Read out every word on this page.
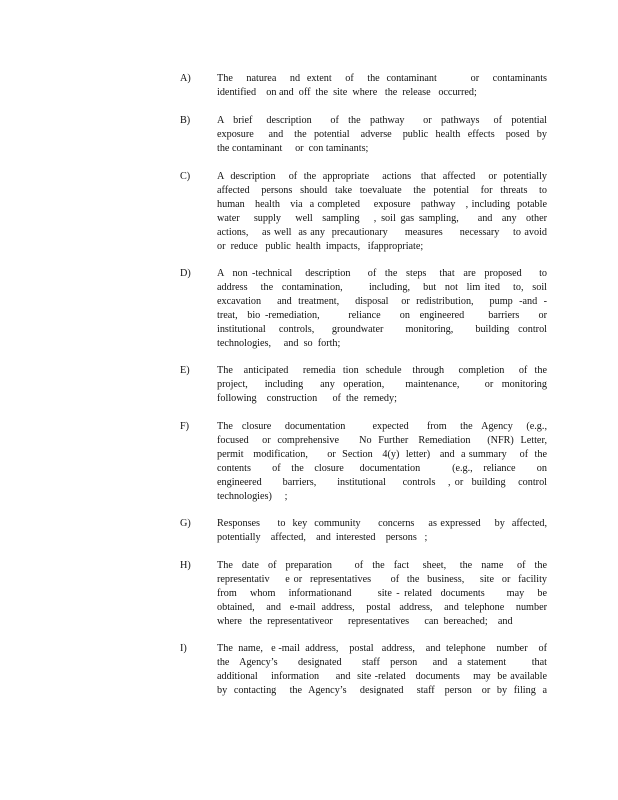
A)	The  naturea  nd extent  of  the contaminant     or  contaminants
identified    on and  off  the  site  where   the  release   occurred;
B)	A  brief   description    of  the  pathway    or  pathways   of  potential
exposure    and   the  potential   adverse   public  health  effects   posed  by
the contaminant     or  con taminants;
C)	A  description    of  the  appropriate    actions   that  affected    or  potentially
affected   persons  should  take  toevaluate   the  potential   for  threats   to
human   health   via  a completed    exposure   pathway   , including  potable
water   supply   well  sampling   , soil gas sampling,    and  any  other
actions,    as well  as any  precautionary     measures     necessary    to avoid
or  reduce   public  health  impacts,   ifappropriate;
D)	A  non -technical   description    of  the  steps   that  are  proposed    to
address   the  contamination,      including,   but  not  lim ited   to,  soil
excavation     and  treatment,     disposal    or  redistribution,     pump  -and  -
treat,  bio -remediation,      reliance    on  engineered     barriers    or
institutional   controls,    groundwater     monitoring,     building  control
technologies,     and  so  forth;
E)	The   anticipated    remedia  tion  schedule   through    completion    of  the
project,    including    any  operation,     maintenance,      or  monitoring
following    construction      of  the  remedy;
F)	The  closure   documentation      expected    from   the  Agency   (e.g.,
focused    or  comprehensive      No  Further   Remediation     (NFR)  Letter,
permit   modification,      or  Section   4(y)  letter)   and  a summary    of  the
contents    of  the  closure   documentation      (e.g.,  reliance    on
engineered     barriers,     institutional    controls   , or  building   control
technologies)     ;
G)	Responses     to  key  community     concerns    as expressed    by  affected,
potentially    affected,    and  interested    persons   ;
H)	The  date  of  preparation     of  the  fact   sheet,   the  name   of  the
representativ    e or  representatives     of  the  business,    site  or  facility
from   whom   informationand      site - related  documents     may   be
obtained,    and   e-mail  address,    postal   address,    and  telephone    number
where   the  representativeor      representatives      can  bereached;    and
I)	The  name,   e -mail  address,    postal   address,    and  telephone    number    of
the  Agency’s    designated    staff  person   and  a statement     that
additional    information     and  site -related   documents    may  be available
by  contacting    the  Agency’s    designated    staff   person   or  by  filing  a
